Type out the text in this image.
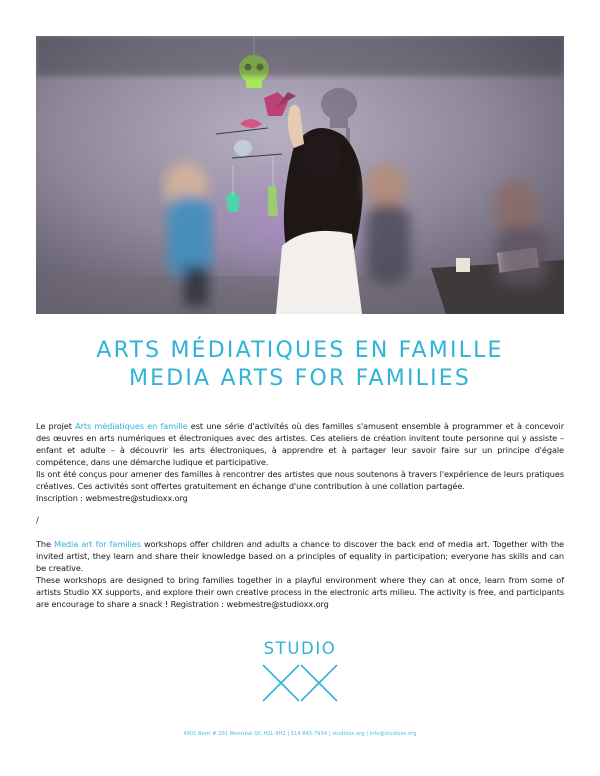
ARTS MÉDIATIQUES EN FAMILLE
MEDIA ARTS FOR FAMILIES

Le projet Arts médiatiques en famille est une série d'activités où des familles s'amusent ensemble à programmer et à concevoir des œuvres en arts numériques et électroniques avec des artistes. Ces ateliers de création invitent toute personne qui y assiste – enfant et adulte – à découvrir les arts électroniques, à apprendre et à partager leur savoir faire sur un principe d'égale compétence, dans une démarche ludique et participative.

Ils ont été conçus pour amener des familles à rencontrer des artistes que nous soutenons à travers l'expérience de leurs pratiques créatives. Ces activités sont offertes gratuitement en échange d'une contribution à une collation partagée.

Inscription : webmestre@studioxx.org

/

The Media art for families workshops offer children and adults a chance to discover the back end of media art. Together with the invited artist, they learn and share their knowledge based on a principles of equality in participation; everyone has skills and can be creative.

These workshops are designed to bring families together in a playful environment where they can at once, learn from some of artists Studio XX supports, and explore their own creative process in the electronic arts milieu. The activity is free, and participants are encourage to share a snack ! Registration : webmestre@studioxx.org

STUDIO
4001 Berri # 201 Montréal QC H2L 4H2 | 514 845-7934 | studioxx.org | info@studioxx.org
